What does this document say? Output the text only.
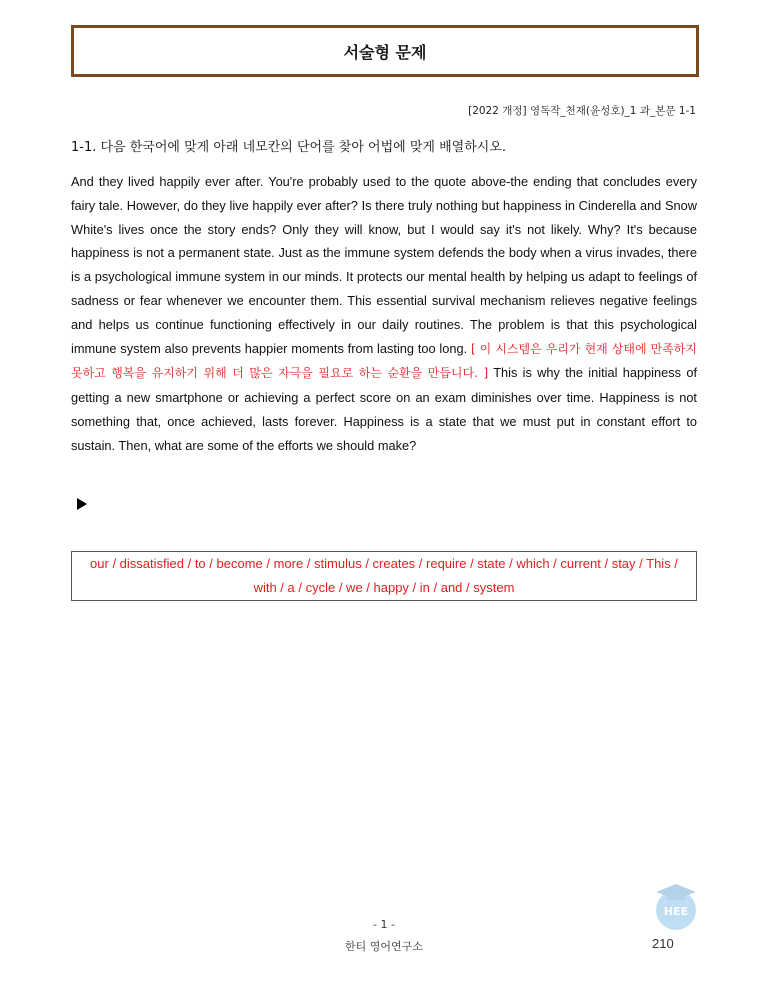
서술형 문제
[2022 개정] 영독작_천재(윤성호)_1 과_본문 1-1
1-1. 다음 한국어에 맞게 아래 네모칸의 단어를 찾아 어법에 맞게 배열하시오.
And they lived happily ever after. You're probably used to the quote above-the ending that concludes every fairy tale. However, do they live happily ever after? Is there truly nothing but happiness in Cinderella and Snow White's lives once the story ends? Only they will know, but I would say it's not likely. Why? It's because happiness is not a permanent state. Just as the immune system defends the body when a virus invades, there is a psychological immune system in our minds. It protects our mental health by helping us adapt to feelings of sadness or fear whenever we encounter them. This essential survival mechanism relieves negative feelings and helps us continue functioning effectively in our daily routines. The problem is that this psychological immune system also prevents happier moments from lasting too long. [ 이 시스템은 우리가 현재 상태에 만족하지 못하고 행복을 유지하기 위해 더 많은 자극을 필요로 하는 순환을 만듭니다. ] This is why the initial happiness of getting a new smartphone or achieving a perfect score on an exam diminishes over time. Happiness is not something that, once achieved, lasts forever. Happiness is a state that we must put in constant effort to sustain. Then, what are some of the efforts we should make?
our / dissatisfied / to / become / more / stimulus / creates / require / state / which / current / stay / This / with / a / cycle / we / happy / in / and / system
HEE
- 1 -
한티 영어연구소	210
